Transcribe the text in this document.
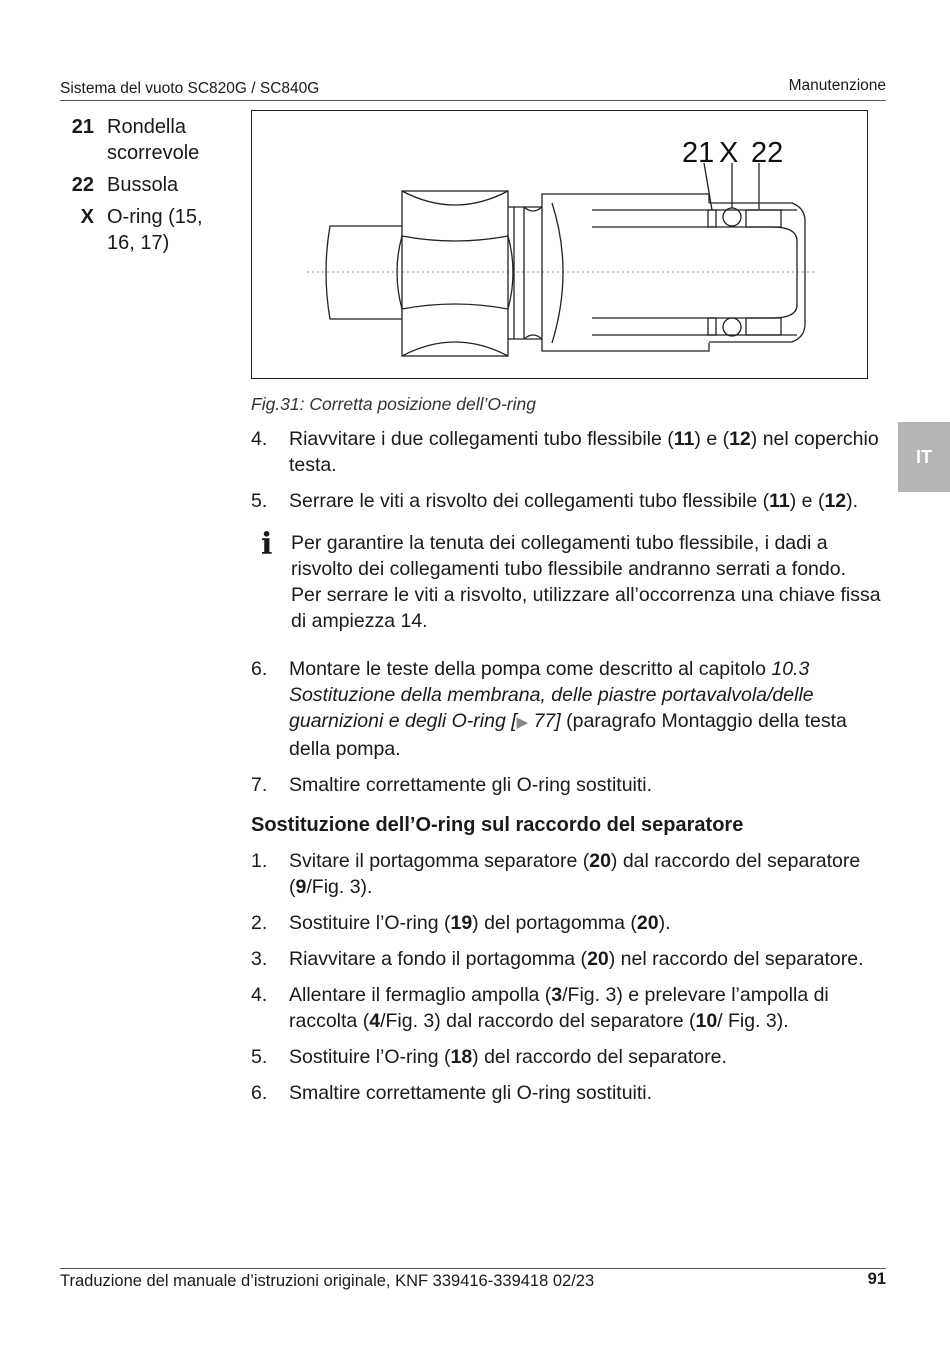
Sistema del vuoto SC820G / SC840G	Manutenzione
21 Rondella scorrevole
22 Bussola
X O-ring (15, 16, 17)
21 X 22
Fig.31: Corretta posizione dell’O-ring
IT
4.	Riavvitare i due collegamenti tubo flessibile (11) e (12) nel coperchio testa.
5.	Serrare le viti a risvolto dei collegamenti tubo flessibile (11) e (12).
i Per garantire la tenuta dei collegamenti tubo flessibile, i dadi a risvolto dei collegamenti tubo flessibile andranno serrati a fondo.
Per serrare le viti a risvolto, utilizzare all’occorrenza una chiave fissa di ampiezza 14.
6.	Montare le teste della pompa come descritto al capitolo 10.3 Sostituzione della membrana, delle piastre portavalvola/delle guarnizioni e degli O-ring [▶ 77] (paragrafo Montaggio della testa della pompa.
7.	Smaltire correttamente gli O-ring sostituiti.
Sostituzione dell’O-ring sul raccordo del separatore
1.	Svitare il portagomma separatore (20) dal raccordo del separatore (9/Fig. 3).
2.	Sostituire l’O-ring (19) del portagomma (20).
3.	Riavvitare a fondo il portagomma (20) nel raccordo del separatore.
4.	Allentare il fermaglio ampolla (3/Fig. 3) e prelevare l’ampolla di raccolta (4/Fig. 3) dal raccordo del separatore (10/ Fig. 3).
5.	Sostituire l’O-ring (18) del raccordo del separatore.
6.	Smaltire correttamente gli O-ring sostituiti.
Traduzione del manuale d’istruzioni originale, KNF 339416-339418 02/23	91
